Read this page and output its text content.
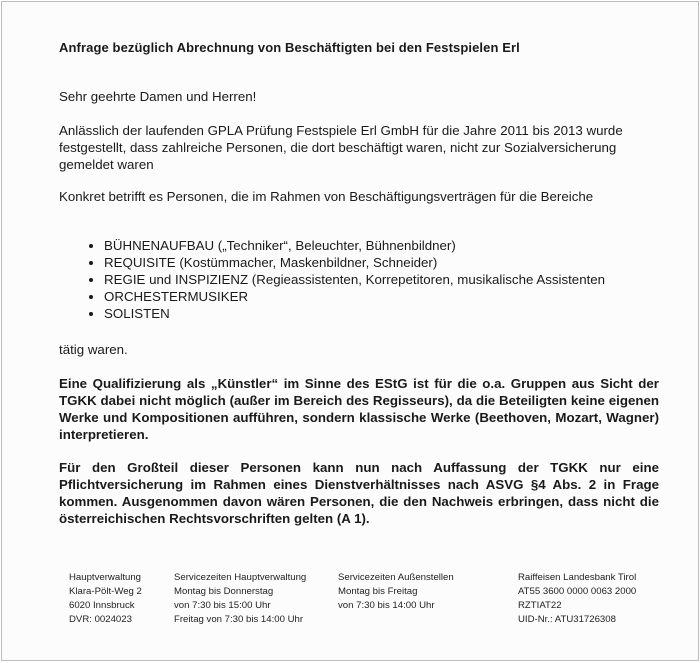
Anfrage bezüglich Abrechnung von Beschäftigten bei den Festspielen Erl
Sehr geehrte Damen und Herren!
Anlässlich der laufenden GPLA Prüfung Festspiele Erl GmbH für die Jahre 2011 bis 2013 wurde festgestellt, dass zahlreiche Personen, die dort beschäftigt waren, nicht zur Sozialversicherung gemeldet waren
Konkret betrifft es Personen, die im Rahmen von Beschäftigungsverträgen für die Bereiche
• BÜHNENAUFBAU („Techniker“, Beleuchter, Bühnenbildner)
• REQUISITE (Kostümmacher, Maskenbildner, Schneider)
• REGIE und INSPIZIENZ (Regieassistenten, Korrepetitoren, musikalische Assistenten
• ORCHESTERMUSIKER
• SOLISTEN
tätig waren.
Eine Qualifizierung als „Künstler“ im Sinne des EStG ist für die o.a. Gruppen aus Sicht der TGKK dabei nicht möglich (außer im Bereich des Regisseurs), da die Beteiligten keine eigenen Werke und Kompositionen aufführen, sondern klassische Werke (Beethoven, Mozart, Wagner) interpretieren.
Für den Großteil dieser Personen kann nun nach Auffassung der TGKK nur eine Pflichtversicherung im Rahmen eines Dienstverhältnisses nach ASVG §4 Abs. 2 in Frage kommen. Ausgenommen davon wären Personen, die den Nachweis erbringen, dass nicht die österreichischen Rechtsvorschriften gelten (A 1).
Hauptverwaltung
Klara-Pölt-Weg 2
6020 Innsbruck
DVR: 0024023
Servicezeiten Hauptverwaltung
Montag bis Donnerstag
von 7:30 bis 15:00 Uhr
Freitag von 7:30 bis 14:00 Uhr
Servicezeiten Außenstellen
Montag bis Freitag
von 7:30 bis 14:00 Uhr
Raiffeisen Landesbank Tirol
AT55 3600 0000 0063 2000
RZTIAT22
UID-Nr.: ATU31726308
